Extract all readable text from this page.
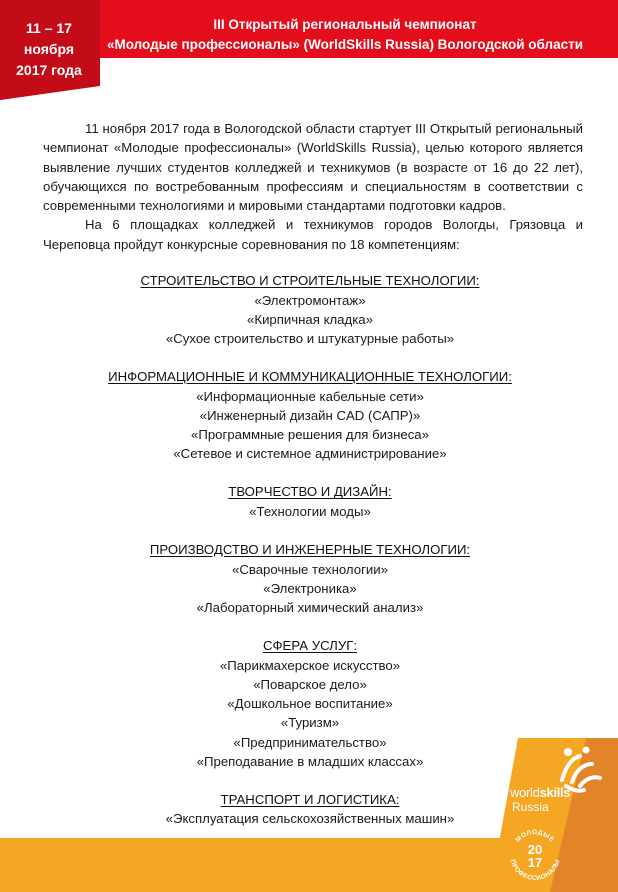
11 – 17
ноября
2017 года
III Открытый региональный чемпионат
«Молодые профессионалы» (WorldSkills Russia) Вологодской области

11 ноября 2017 года в Вологодской области стартует III Открытый региональный чемпионат «Молодые профессионалы» (WorldSkills Russia), целью которого является выявление лучших студентов колледжей и техникумов (в возрасте от 16 до 22 лет), обучающихся по востребованным профессиям и специальностям в соответствии с современными технологиями и мировыми стандартами подготовки кадров.

На 6 площадках колледжей и техникумов городов Вологды, Грязовца и Череповца пройдут конкурсные соревнования по 18 компетенциям:

СТРОИТЕЛЬСТВО И СТРОИТЕЛЬНЫЕ ТЕХНОЛОГИИ:
«Электромонтаж»
«Кирпичная кладка»
«Сухое строительство и штукатурные работы»
ИНФОРМАЦИОННЫЕ И КОММУНИКАЦИОННЫЕ ТЕХНОЛОГИИ:
«Информационные кабельные сети»
«Инженерный дизайн CAD (САПР)»
«Программные решения для бизнеса»
«Сетевое и системное администрирование»
ТВОРЧЕСТВО И ДИЗАЙН:
«Технологии моды»
ПРОИЗВОДСТВО И ИНЖЕНЕРНЫЕ ТЕХНОЛОГИИ:
«Сварочные технологии»
«Электроника»
«Лабораторный химический анализ»
СФЕРА УСЛУГ:
«Парикмахерское искусство»
«Поварское дело»
«Дошкольное воспитание»
«Туризм»
«Предпринимательство»
«Преподавание в младших классах»
ТРАНСПОРТ И ЛОГИСТИКА:
«Эксплуатация сельскохозяйственных машин»
worldskills
Russia
МОЛОДЫЕ
ПРОФЕССИОНАЛЫ
20
17
